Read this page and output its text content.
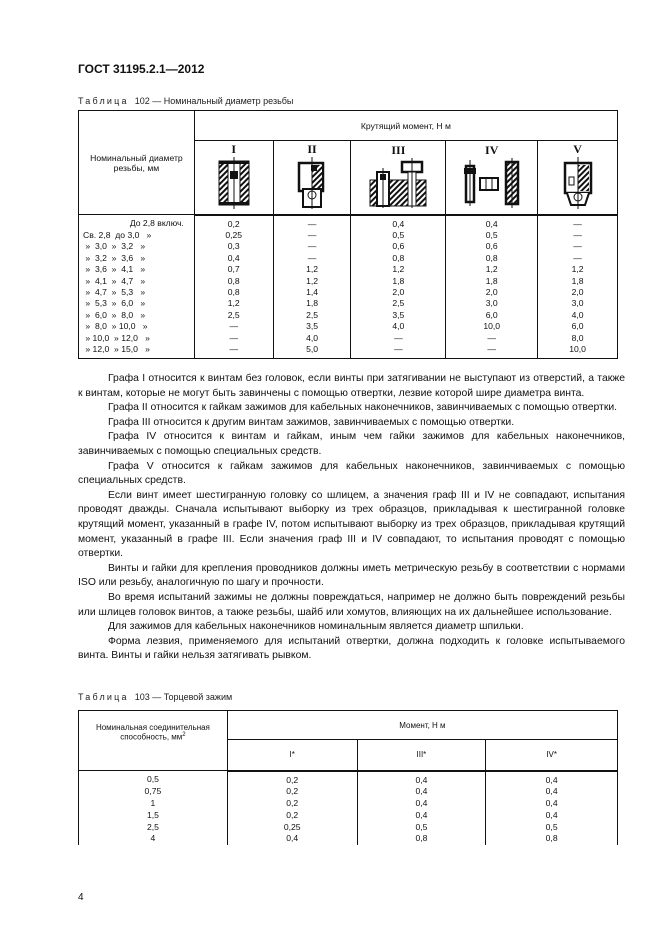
ГОСТ 31195.2.1—2012
Таблица 102 — Номинальный диаметр резьбы
Номинальный диаметр резьбы, мм	Крутящий момент, Н м				

	I	II	III	IV	V

До 2,8 включ.	0,2	—	0,4	0,4	—
Св. 2,8  до 3,0   »	0,25	—	0,5	0,5	—
»  3,0  »  3,2   »	0,3	—	0,6	0,6	—
»  3,2  »  3,6   »	0,4	—	0,8	0,8	—
»  3,6  »  4,1   »	0,7	1,2	1,2	1,2	1,2
»  4,1  »  4,7   »	0,8	1,2	1,8	1,8	1,8
»  4,7  »  5,3   »	0,8	1,4	2,0	2,0	2,0
»  5,3  »  6,0   »	1,2	1,8	2,5	3,0	3,0
»  6,0  »  8,0   »	2,5	2,5	3,5	6,0	4,0
»  8,0  » 10,0   »	—	3,5	4,0	10,0	6,0
» 10,0  » 12,0   »	—	4,0	—	—	8,0
» 12,0  » 15,0   »	—	5,0	—	—	10,0

Графа I относится к винтам без головок, если винты при затягивании не выступают из отверстий, а также к винтам, которые не могут быть завинчены с помощью отвертки, лезвие которой шире диаметра винта.

Графа II относится к гайкам зажимов для кабельных наконечников, завинчиваемых с помощью отвертки.

Графа III относится к другим винтам зажимов, завинчиваемых с помощью отвертки.

Графа IV относится к винтам и гайкам, иным чем гайки зажимов для кабельных наконечников, завинчиваемых с помощью специальных средств.

Графа V относится к гайкам зажимов для кабельных наконечников, завинчиваемых с помощью специальных средств.

Если винт имеет шестигранную головку со шлицем, а значения граф III и IV не совпадают, испытания проводят дважды. Сначала испытывают выборку из трех образцов, прикладывая к шестигранной головке крутящий момент, указанный в графе IV, потом испытывают выборку из трех образцов, прикладывая крутящий момент, указанный в графе III. Если значения граф III и IV совпадают, то испытания проводят с помощью отвертки.

Винты и гайки для крепления проводников должны иметь метрическую резьбу в соответствии с нормами ISO или резьбу, аналогичную по шагу и прочности.

Во время испытаний зажимы не должны повреждаться, например не должно быть повреждений резьбы или шлицев головок винтов, а также резьбы, шайб или хомутов, влияющих на их дальнейшее использование.

Для зажимов для кабельных наконечников номинальным является диаметр шпильки.

Форма лезвия, применяемого для испытаний отвертки, должна подходить к головке испытываемого винта. Винты и гайки нельзя затягивать рывком.

Таблица 103 — Торцевой зажим
Номинальная соединительная способность, $мм^2$	Момент, Н м		
	I*	III*	IV*
0,5	0,2	0,4	0,4
0,75	0,2	0,4	0,4
1	0,2	0,4	0,4
1,5	0,2	0,4	0,4
2,5	0,25	0,5	0,5
4	0,4	0,8	0,8
4
